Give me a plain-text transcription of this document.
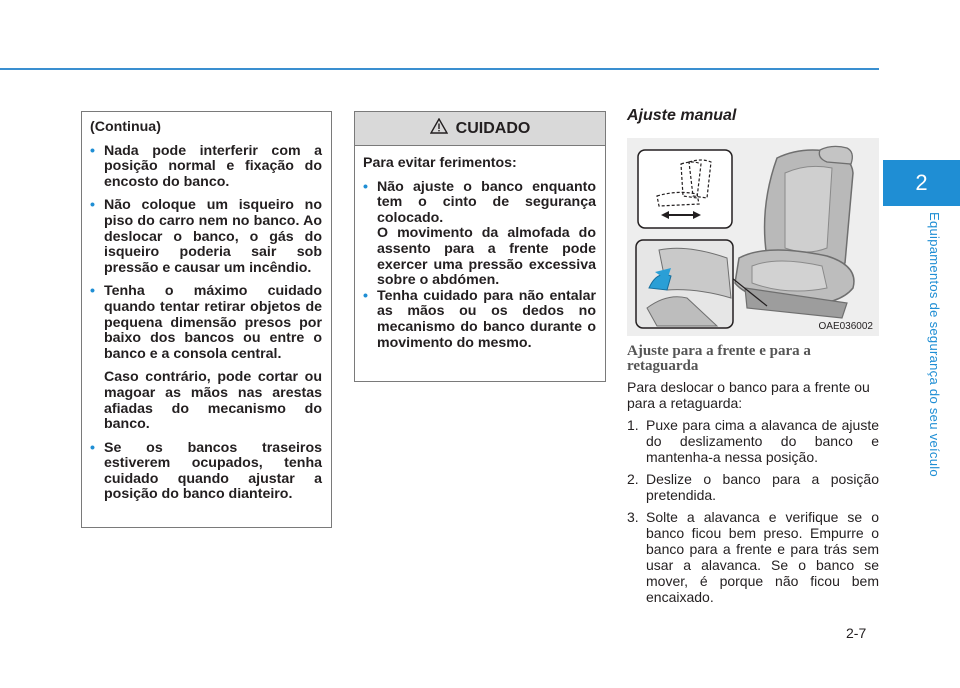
2
Equipamentos de segurança do seu veículo

(Continua)

• Nada pode interferir com a posição normal e fixação do encosto do banco.
• Não coloque um isqueiro no piso do carro nem no banco. Ao deslocar o banco, o gás do isqueiro poderia sair sob pressão e causar um incêndio.
• Tenha o máximo cuidado quando tentar retirar objetos de pequena dimensão presos por baixo dos bancos ou entre o banco e a consola central.

Caso contrário, pode cortar ou magoar as mãos nas arestas afiadas do mecanismo do banco.

• Se os bancos traseiros estiverem ocupados, tenha cuidado quando ajustar a posição do banco dianteiro.
CUIDADO

Para evitar ferimentos:

• Não ajuste o banco enquanto tem o cinto de segurança colocado.
O movimento da almofada do assento para a frente pode exercer uma pressão excessiva sobre o abdómen.
• Tenha cuidado para não entalar as mãos ou os dedos no mecanismo do banco durante o movimento do mesmo.
Ajuste manual
OAE036002
Ajuste para a frente e para a retaguarda

Para deslocar o banco para a frente ou para a retaguarda:

1. Puxe para cima a alavanca de ajuste do deslizamento do banco e mantenha-a nessa posição.
2. Deslize o banco para a posição pretendida.
3. Solte a alavanca e verifique se o banco ficou bem preso. Empurre o banco para a frente e para trás sem usar a alavanca. Se o banco se mover, é porque não ficou bem encaixado.
2-7
